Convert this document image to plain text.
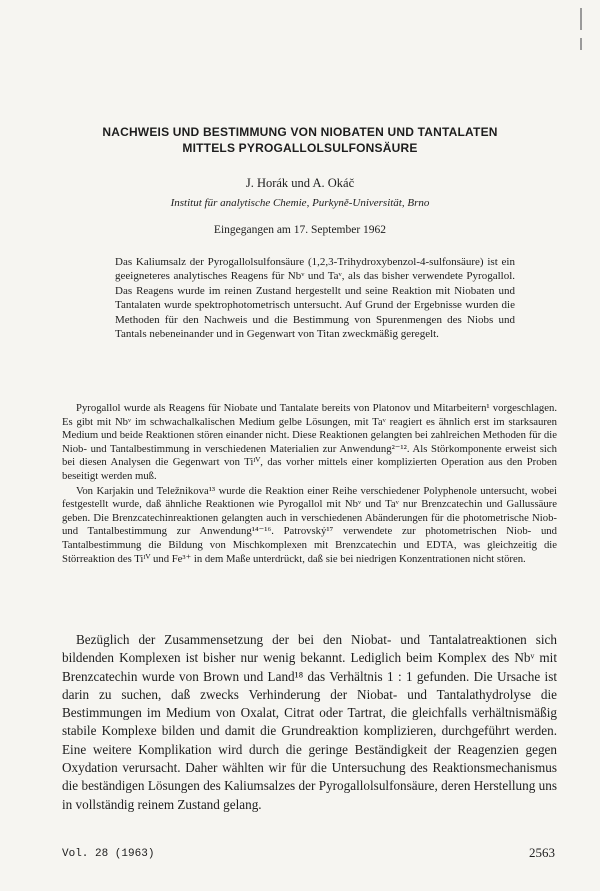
NACHWEIS UND BESTIMMUNG VON NIOBATEN UND TANTALATEN
MITTELS PYROGALLOLSULFONSÄURE
J. Horák und A. Okáč
Institut für analytische Chemie, Purkyně-Universität, Brno
Eingegangen am 17. September 1962

Das Kaliumsalz der Pyrogallolsulfonsäure (1,2,3-Trihydroxybenzol-4-sulfonsäure) ist ein geeigneteres analytisches Reagens für Nbᵛ und Taᵛ, als das bisher verwendete Pyrogallol. Das Reagens wurde im reinen Zustand hergestellt und seine Reaktion mit Niobaten und Tantalaten wurde spektrophotometrisch untersucht. Auf Grund der Ergebnisse wurden die Methoden für den Nachweis und die Bestimmung von Spurenmengen des Niobs und Tantals nebeneinander und in Gegenwart von Titan zweckmäßig geregelt.

Pyrogallol wurde als Reagens für Niobate und Tantalate bereits von Platonov und Mitarbeitern¹ vorgeschlagen. Es gibt mit Nbᵛ im schwachalkalischen Medium gelbe Lösungen, mit Taᵛ reagiert es ähnlich erst im starksauren Medium und beide Reaktionen stören einander nicht. Diese Reaktionen gelangten bei zahlreichen Methoden für die Niob- und Tantalbestimmung in verschiedenen Materialien zur Anwendung²⁻¹². Als Störkomponente erweist sich bei diesen Analysen die Gegenwart von Tiᴵⱽ, das vorher mittels einer komplizierten Operation aus den Proben beseitigt werden muß.

Von Karjakin und Teležnikova¹³ wurde die Reaktion einer Reihe verschiedener Polyphenole untersucht, wobei festgestellt wurde, daß ähnliche Reaktionen wie Pyrogallol mit Nbᵛ und Taᵛ nur Brenzcatechin und Gallussäure geben. Die Brenzcatechinreaktionen gelangten auch in verschiedenen Abänderungen für die photometrische Niob- und Tantalbestimmung zur Anwendung¹⁴⁻¹⁶. Patrovský¹⁷ verwendete zur photometrischen Niob- und Tantalbestimmung die Bildung von Mischkomplexen mit Brenzcatechin und EDTA, was gleichzeitig die Störreaktion des Tiᴵⱽ und Fe³⁺ in dem Maße unterdrückt, daß sie bei niedrigen Konzentrationen nicht stören.

Bezüglich der Zusammensetzung der bei den Niobat- und Tantalatreaktionen sich bildenden Komplexen ist bisher nur wenig bekannt. Lediglich beim Komplex des Nbᵛ mit Brenzcatechin wurde von Brown und Land¹⁸ das Verhältnis 1 : 1 gefunden. Die Ursache ist darin zu suchen, daß zwecks Verhinderung der Niobat- und Tantalathydrolyse die Bestimmungen im Medium von Oxalat, Citrat oder Tartrat, die gleichfalls verhältnismäßig stabile Komplexe bilden und damit die Grundreaktion komplizieren, durchgeführt werden. Eine weitere Komplikation wird durch die geringe Beständigkeit der Reagenzien gegen Oxydation verursacht. Daher wählten wir für die Untersuchung des Reaktionsmechanismus die beständigen Lösungen des Kaliumsalzes der Pyrogallolsulfonsäure, deren Herstellung uns in vollständig reinem Zustand gelang.

Vol. 28 (1963)	2563
